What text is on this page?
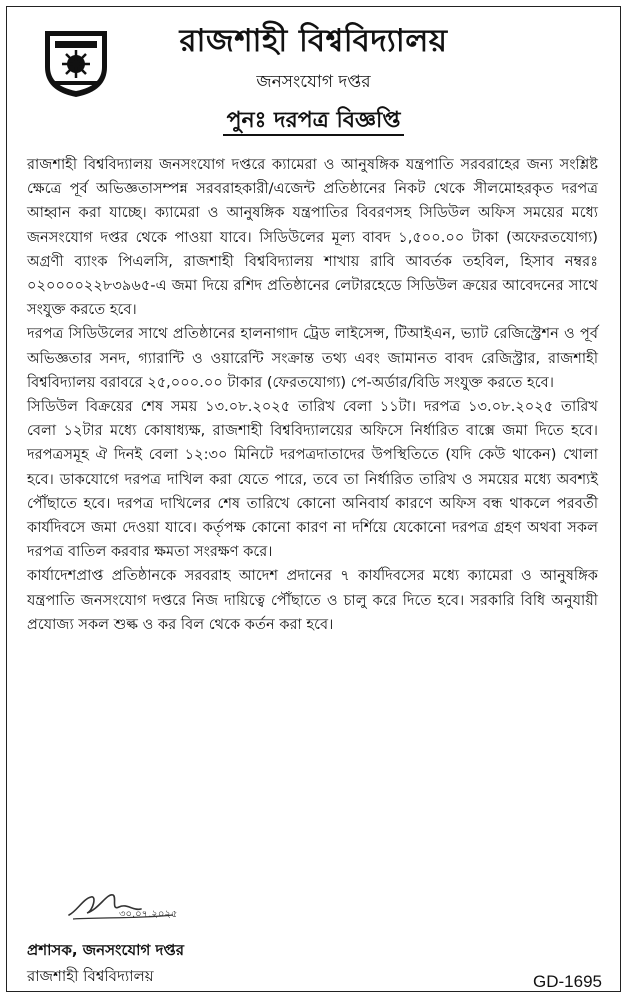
রাজশাহী বিশ্ববিদ্যালয়
জনসংযোগ দপ্তর
পুনঃ দরপত্র বিজ্ঞপ্তি

রাজশাহী বিশ্ববিদ্যালয় জনসংযোগ দপ্তরে ক্যামেরা ও আনুষঙ্গিক যন্ত্রপাতি সরবরাহের জন্য সংশ্লিষ্ট ক্ষেত্রে পূর্ব অভিজ্ঞতাসম্পন্ন সরবরাহকারী/এজেন্ট প্রতিষ্ঠানের নিকট থেকে সীলমোহরকৃত দরপত্র আহ্বান করা যাচ্ছে। ক্যামেরা ও আনুষঙ্গিক যন্ত্রপাতির বিবরণসহ সিডিউল অফিস সময়ের মধ্যে জনসংযোগ দপ্তর থেকে পাওয়া যাবে। সিডিউলের মূল্য বাবদ ১,৫০০.০০ টাকা (অফেরতযোগ্য) অগ্রণী ব্যাংক পিএলসি, রাজশাহী বিশ্ববিদ্যালয় শাখায় রাবি আবর্তক তহবিল, হিসাব নম্বরঃ ০২০০০০২২৮৩৯৬৫-এ জমা দিয়ে রশিদ প্রতিষ্ঠানের লেটারহেডে সিডিউল ক্রয়ের আবেদনের সাথে সংযুক্ত করতে হবে।

দরপত্র সিডিউলের সাথে প্রতিষ্ঠানের হালনাগাদ ট্রেড লাইসেন্স, টিআইএন, ভ্যাট রেজিস্ট্রেশন ও পূর্ব অভিজ্ঞতার সনদ, গ্যারান্টি ও ওয়ারেন্টি সংক্রান্ত তথ্য এবং জামানত বাবদ রেজিস্ট্রার, রাজশাহী বিশ্ববিদ্যালয় বরাবরে ২৫,০০০.০০ টাকার (ফেরতযোগ্য) পে-অর্ডার/বিডি সংযুক্ত করতে হবে।

সিডিউল বিক্রয়ের শেষ সময় ১৩.০৮.২০২৫ তারিখ বেলা ১১টা। দরপত্র ১৩.০৮.২০২৫ তারিখ বেলা ১২টার মধ্যে কোষাধ্যক্ষ, রাজশাহী বিশ্ববিদ্যালয়ের অফিসে নির্ধারিত বাক্সে জমা দিতে হবে। দরপত্রসমূহ ঐ দিনই বেলা ১২:৩০ মিনিটে দরপত্রদাতাদের উপস্থিতিতে (যদি কেউ থাকেন) খোলা হবে। ডাকযোগে দরপত্র দাখিল করা যেতে পারে, তবে তা নির্ধারিত তারিখ ও সময়ের মধ্যে অবশ্যই পৌঁছাতে হবে। দরপত্র দাখিলের শেষ তারিখে কোনো অনিবার্য কারণে অফিস বন্ধ থাকলে পরবর্তী কার্যদিবসে জমা দেওয়া যাবে। কর্তৃপক্ষ কোনো কারণ না দর্শিয়ে যেকোনো দরপত্র গ্রহণ অথবা সকল দরপত্র বাতিল করবার ক্ষমতা সংরক্ষণ করে।

কার্যাদেশপ্রাপ্ত প্রতিষ্ঠানকে সরবরাহ আদেশ প্রদানের ৭ কার্যদিবসের মধ্যে ক্যামেরা ও আনুষঙ্গিক যন্ত্রপাতি জনসংযোগ দপ্তরে নিজ দায়িত্বে পৌঁছাতে ও চালু করে দিতে হবে। সরকারি বিধি অনুযায়ী প্রযোজ্য সকল শুল্ক ও কর বিল থেকে কর্তন করা হবে।

৩০.০৭.২০২৫
প্রশাসক, জনসংযোগ দপ্তর
রাজশাহী বিশ্ববিদ্যালয়	GD-1695
